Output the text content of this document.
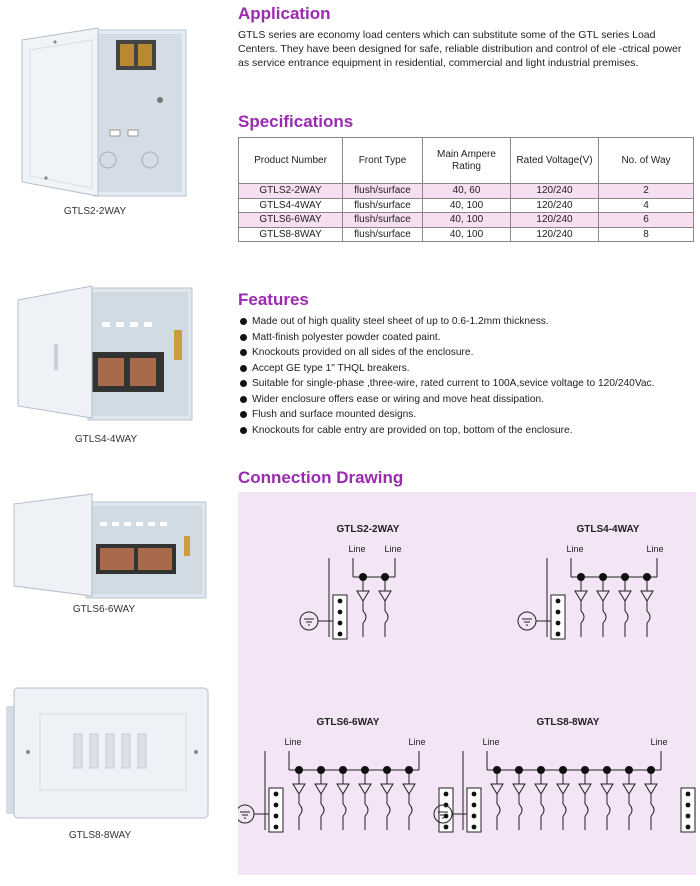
GTLS2-2WAY
GTLS4-4WAY
GTLS6-6WAY
GTLS8-8WAY
Application

GTLS series are economy load centers which can substitute some of the GTL series Load Centers. They have been designed for safe, reliable distribution and control of ele -ctrical power as service entrance equipment in residential, commercial and light industrial premises.

Specifications
Product Number	Front Type	Main Ampere Rating	Rated Voltage(V)	No. of Way
GTLS2-2WAY	flush/surface	40, 60	120/240	2
GTLS4-4WAY	flush/surface	40, 100	120/240	4
GTLS6-6WAY	flush/surface	40, 100	120/240	6
GTLS8-8WAY	flush/surface	40, 100	120/240	8
Features
Made out of high quality steel sheet of up to 0.6-1.2mm thickness.
Matt-finish polyester powder coated paint.
Knockouts provided on all sides of the enclosure.
Accept GE type 1" THQL breakers.
Suitable for single-phase ,three-wire, rated current to 100A,sevice voltage to 120/240Vac.
Wider enclosure offers ease or wiring and move heat dissipation.
Flush and surface mounted designs.
Knockouts for cable entry are provided on top, bottom of the enclosure.
Connection Drawing
GTLS2-2WAY
Line Line
GTLS4-4WAY
Line	Line
GTLS6-6WAY
Line	Line
GTLS8-8WAY
Line	Line
